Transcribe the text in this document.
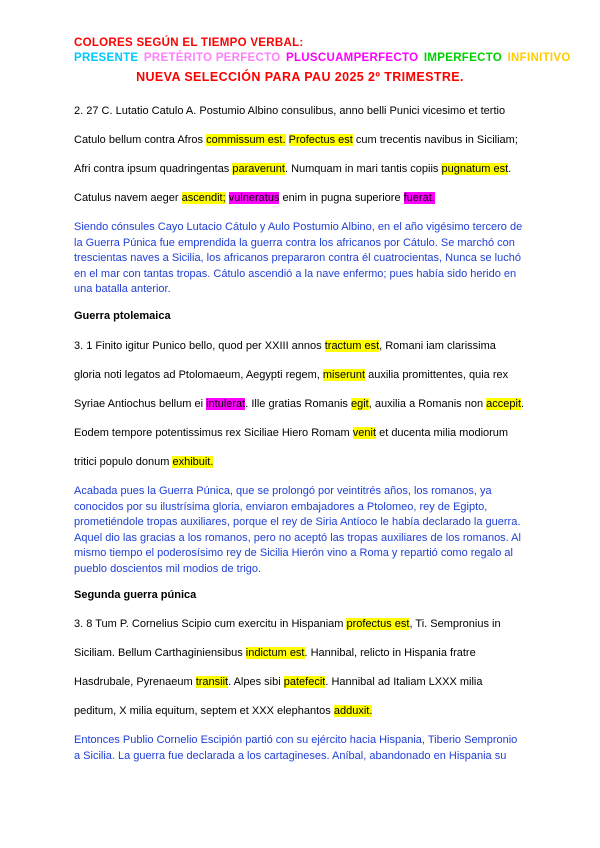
COLORES SEGÚN EL TIEMPO VERBAL:
PRESENTE PRETÉRITO PERFECTO PLUSCUAMPERFECTO IMPERFECTO INFINITIVO
NUEVA SELECCIÓN PARA PAU 2025 2º TRIMESTRE.
2. 27 C. Lutatio Catulo A. Postumio Albino consulibus, anno belli Punici vicesimo et tertio
Catulo bellum contra Afros commissum est. Profectus est cum trecentis navibus in Siciliam;
Afri contra ipsum quadringentas paraverunt. Numquam in mari tantis copiis pugnatum est.
Catulus navem aeger ascendit; vulneratus enim in pugna superiore fuerat.

Siendo cónsules Cayo Lutacio Cátulo y Aulo Postumio Albino, en el año vigésimo tercero de la Guerra Púnica fue emprendida la guerra contra los africanos por Cátulo. Se marchó con trescientas naves a Sicilia, los africanos prepararon contra él cuatrocientas, Nunca se luchó en el mar con tantas tropas. Cátulo ascendió a la nave enfermo; pues había sido herido en una batalla anterior.

Guerra ptolemaica
3. 1 Finito igitur Punico bello, quod per XXIII annos tractum est, Romani iam clarissima
gloria noti legatos ad Ptolomaeum, Aegypti regem, miserunt auxilia promittentes, quia rex
Syriae Antiochus bellum ei intulerat. Ille gratias Romanis egit, auxilia a Romanis non accepit.
Eodem tempore potentissimus rex Siciliae Hiero Romam venit et ducenta milia modiorum
tritici populo donum exhibuit.

Acabada pues la Guerra Púnica, que se prolongó por veintitrés años, los romanos, ya conocidos por su ilustrísima gloria, enviaron embajadores a Ptolomeo, rey de Egipto, prometiéndole tropas auxiliares, porque el rey de Siria Antíoco le había declarado la guerra. Aquel dio las gracias a los romanos, pero no aceptó las tropas auxiliares de los romanos. Al mismo tiempo el poderosísimo rey de Sicilia Hierón vino a Roma y repartió como regalo al pueblo doscientos mil modios de trigo.

Segunda guerra púnica
3. 8 Tum P. Cornelius Scipio cum exercitu in Hispaniam profectus est, Ti. Sempronius in
Siciliam. Bellum Carthaginiensibus indictum est. Hannibal, relicto in Hispania fratre
Hasdrubale, Pyrenaeum transiit. Alpes sibi patefecit. Hannibal ad Italiam LXXX milia
peditum, X milia equitum, septem et XXX elephantos adduxit.

Entonces Publio Cornelio Escipión partió con su ejército hacia Hispania, Tiberio Sempronio a Sicilia. La guerra fue declarada a los cartagineses. Aníbal, abandonado en Hispania su
